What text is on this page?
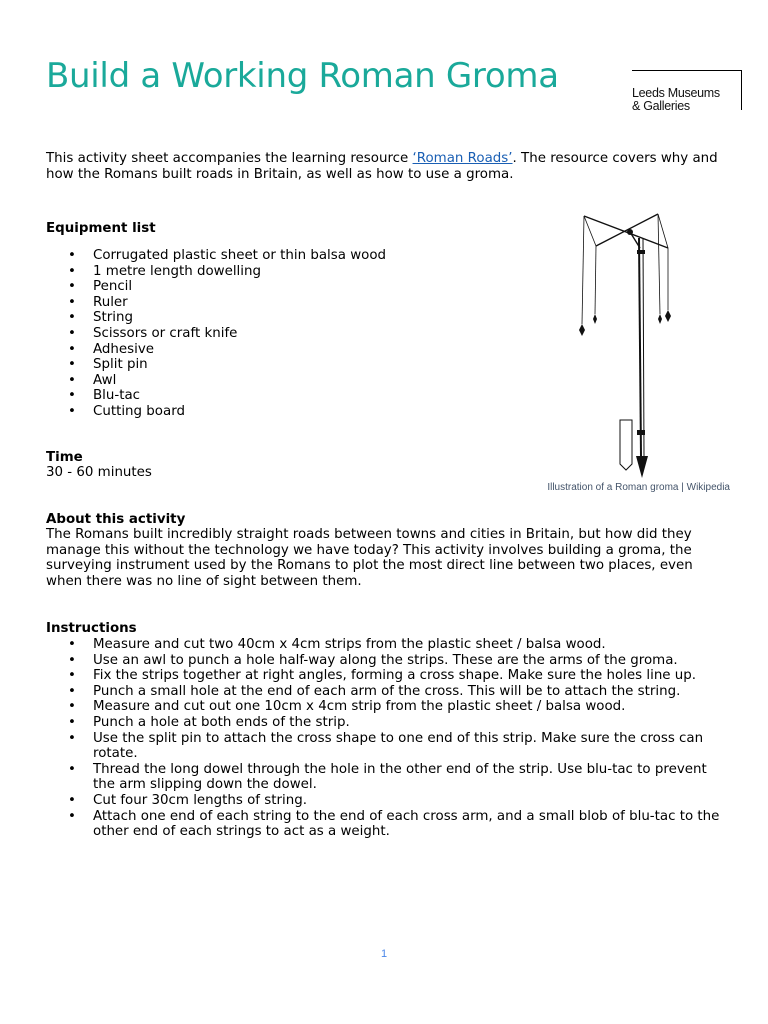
Build a Working Roman Groma	Leeds Museums
& Galleries

This activity sheet accompanies the learning resource ‘Roman Roads’. The resource covers why and how the Romans built roads in Britain, as well as how to use a groma.

Equipment list

• Corrugated plastic sheet or thin balsa wood
• 1 metre length dowelling
• Pencil
• Ruler
• String
• Scissors or craft knife
• Adhesive
• Split pin
• Awl
• Blu-tac
• Cutting board

Time

30 - 60 minutes

Illustration of a Roman groma | Wikipedia

About this activity

The Romans built incredibly straight roads between towns and cities in Britain, but how did they manage this without the technology we have today? This activity involves building a groma, the surveying instrument used by the Romans to plot the most direct line between two places, even when there was no line of sight between them.

Instructions

• Measure and cut two 40cm x 4cm strips from the plastic sheet / balsa wood.
• Use an awl to punch a hole half-way along the strips. These are the arms of the groma.
• Fix the strips together at right angles, forming a cross shape. Make sure the holes line up.
• Punch a small hole at the end of each arm of the cross. This will be to attach the string.
• Measure and cut out one 10cm x 4cm strip from the plastic sheet / balsa wood.
• Punch a hole at both ends of the strip.
• Use the split pin to attach the cross shape to one end of this strip. Make sure the cross can rotate.
• Thread the long dowel through the hole in the other end of the strip. Use blu-tac to prevent the arm slipping down the dowel.
• Cut four 30cm lengths of string.
• Attach one end of each string to the end of each cross arm, and a small blob of blu-tac to the other end of each strings to act as a weight.

1
